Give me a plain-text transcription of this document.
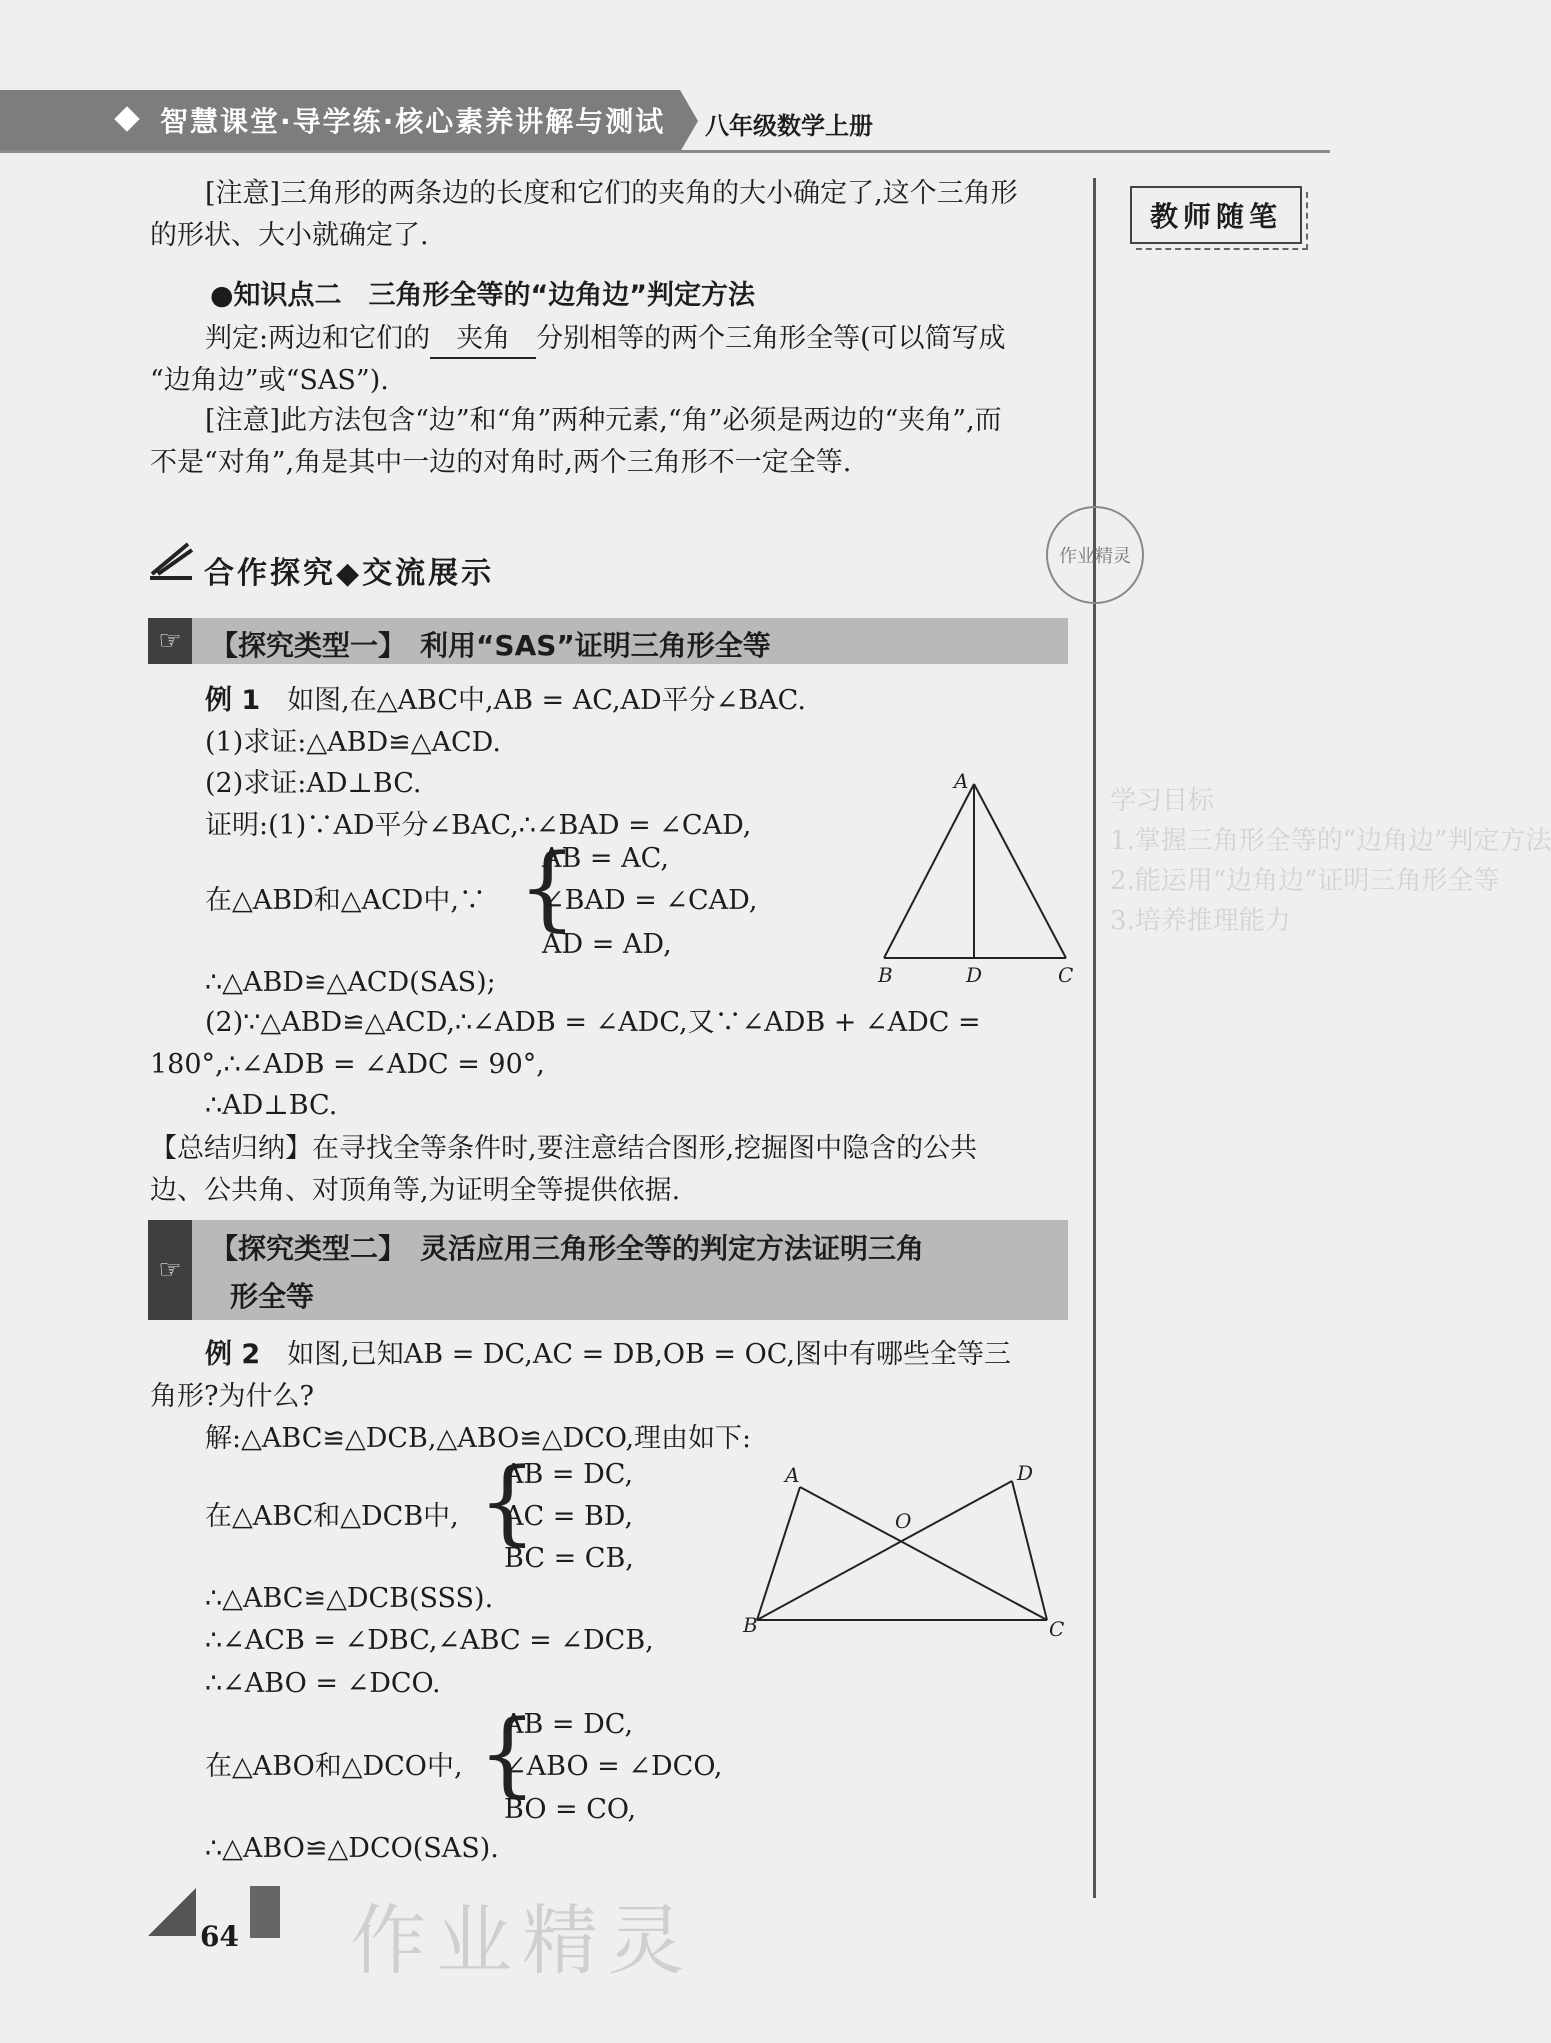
智慧课堂·导学练·核心素养讲解与测试 八年级数学上册
教师随笔
学习目标
1.掌握三角形全等的“边角边”判定方法
2.能运用“边角边”证明三角形全等
3.培养推理能力
作业精灵
[注意]三角形的两条边的长度和它们的夹角的大小确定了,这个三角形
的形状、大小就确定了.
●知识点二　三角形全等的“边角边”判定方法
判定:两边和它们的 夹角 分别相等的两个三角形全等(可以简写成
“边角边”或“SAS”).
[注意]此方法包含“边”和“角”两种元素,“角”必须是两边的“夹角”,而
不是“对角”,角是其中一边的对角时,两个三角形不一定全等.
合作探究◆交流展示
☞	【探究类型一】　利用“SAS”证明三角形全等
例 1　 如图,在△ABC中,AB = AC,AD平分∠BAC.
(1)求证:△ABD≌△ACD.
(2)求证:AD⊥BC.
证明:(1)∵AD平分∠BAC,∴∠BAD = ∠CAD,
在△ABD和△ACD中,∵ {
AB = AC,
∠BAD = ∠CAD,
AD = AD,
∴△ABD≌△ACD(SAS);
(2)∵△ABD≌△ACD,∴∠ADB = ∠ADC,又∵∠ADB + ∠ADC =
180°,∴∠ADB = ∠ADC = 90°,
∴AD⊥BC.
【总结归纳】在寻找全等条件时,要注意结合图形,挖掘图中隐含的公共
边、公共角、对顶角等,为证明全等提供依据.
A
B	D	C
☞
【探究类型二】　灵活应用三角形全等的判定方法证明三角
形全等
例 2　 如图,已知AB = DC,AC = DB,OB = OC,图中有哪些全等三
角形?为什么?
解:△ABC≌△DCB,△ABO≌△DCO,理由如下:
在△ABC和△DCB中, {
AB = DC,
AC = BD,
BC = CB,
∴△ABC≌△DCB(SSS).
∴∠ACB = ∠DBC,∠ABC = ∠DCB,
∴∠ABO = ∠DCO.
在△ABO和△DCO中, {
AB = DC,
∠ABO = ∠DCO,
BO = CO,
∴△ABO≌△DCO(SAS).
A
B	C
D
O
64 作业精灵
